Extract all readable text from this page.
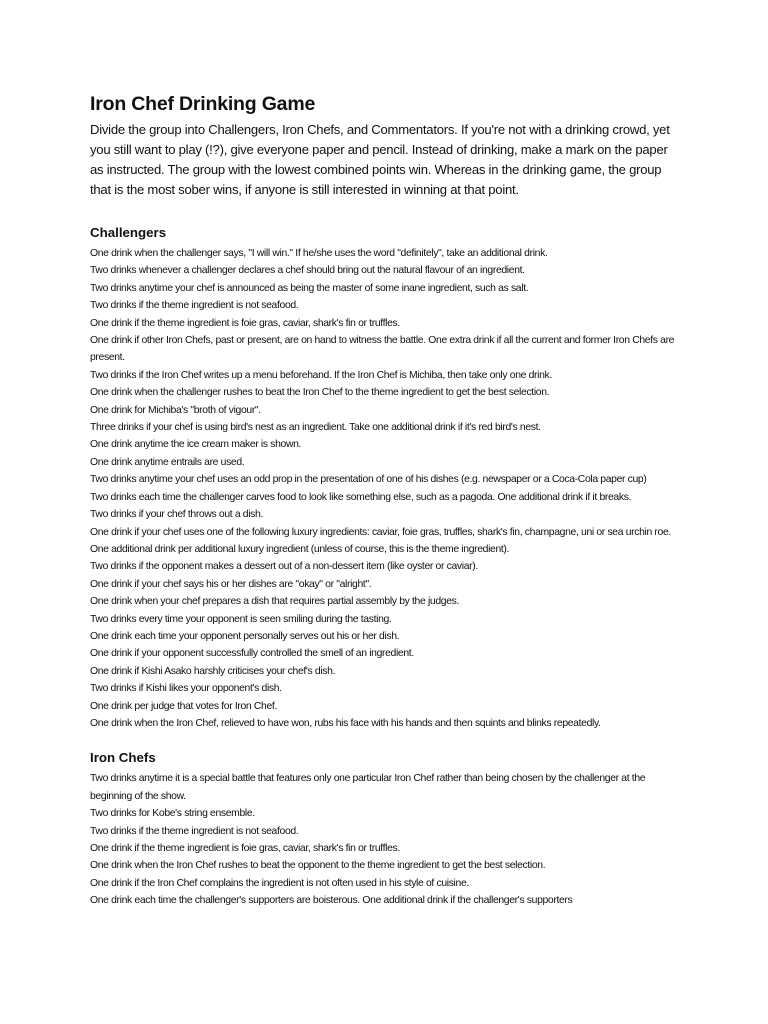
Iron Chef Drinking Game

Divide the group into Challengers, Iron Chefs, and Commentators. If you're not with a drinking crowd, yet you still want to play (!?), give everyone paper and pencil. Instead of drinking, make a mark on the paper as instructed. The group with the lowest combined points win. Whereas in the drinking game, the group that is the most sober wins, if anyone is still interested in winning at that point.

Challengers
One drink when the challenger says, "I will win." If he/she uses the word "definitely", take an additional drink.
Two drinks whenever a challenger declares a chef should bring out the natural flavour of an ingredient.
Two drinks anytime your chef is announced as being the master of some inane ingredient, such as salt.
Two drinks if the theme ingredient is not seafood.
One drink if the theme ingredient is foie gras, caviar, shark's fin or truffles.
One drink if other Iron Chefs, past or present, are on hand to witness the battle. One extra drink if all the current and former Iron Chefs are present.
Two drinks if the Iron Chef writes up a menu beforehand. If the Iron Chef is Michiba, then take only one drink.
One drink when the challenger rushes to beat the Iron Chef to the theme ingredient to get the best selection.
One drink for Michiba's "broth of vigour".
Three drinks if your chef is using bird's nest as an ingredient. Take one additional drink if it's red bird's nest.
One drink anytime the ice cream maker is shown.
One drink anytime entrails are used.
Two drinks anytime your chef uses an odd prop in the presentation of one of his dishes (e.g. newspaper or a Coca-Cola paper cup)
Two drinks each time the challenger carves food to look like something else, such as a pagoda. One additional drink if it breaks.
Two drinks if your chef throws out a dish.
One drink if your chef uses one of the following luxury ingredients: caviar, foie gras, truffles, shark's fin, champagne, uni or sea urchin roe. One additional drink per additional luxury ingredient (unless of course, this is the theme ingredient).
Two drinks if the opponent makes a dessert out of a non-dessert item (like oyster or caviar).
One drink if your chef says his or her dishes are "okay" or "alright".
One drink when your chef prepares a dish that requires partial assembly by the judges.
Two drinks every time your opponent is seen smiling during the tasting.
One drink each time your opponent personally serves out his or her dish.
One drink if your opponent successfully controlled the smell of an ingredient.
One drink if Kishi Asako harshly criticises your chef's dish.
Two drinks if Kishi likes your opponent's dish.
One drink per judge that votes for Iron Chef.
One drink when the Iron Chef, relieved to have won, rubs his face with his hands and then squints and blinks repeatedly.
Iron Chefs
Two drinks anytime it is a special battle that features only one particular Iron Chef rather than being chosen by the challenger at the beginning of the show.
Two drinks for Kobe's string ensemble.
Two drinks if the theme ingredient is not seafood.
One drink if the theme ingredient is foie gras, caviar, shark's fin or truffles.
One drink when the Iron Chef rushes to beat the opponent to the theme ingredient to get the best selection.
One drink if the Iron Chef complains the ingredient is not often used in his style of cuisine.
One drink each time the challenger's supporters are boisterous. One additional drink if the challenger's supporters
